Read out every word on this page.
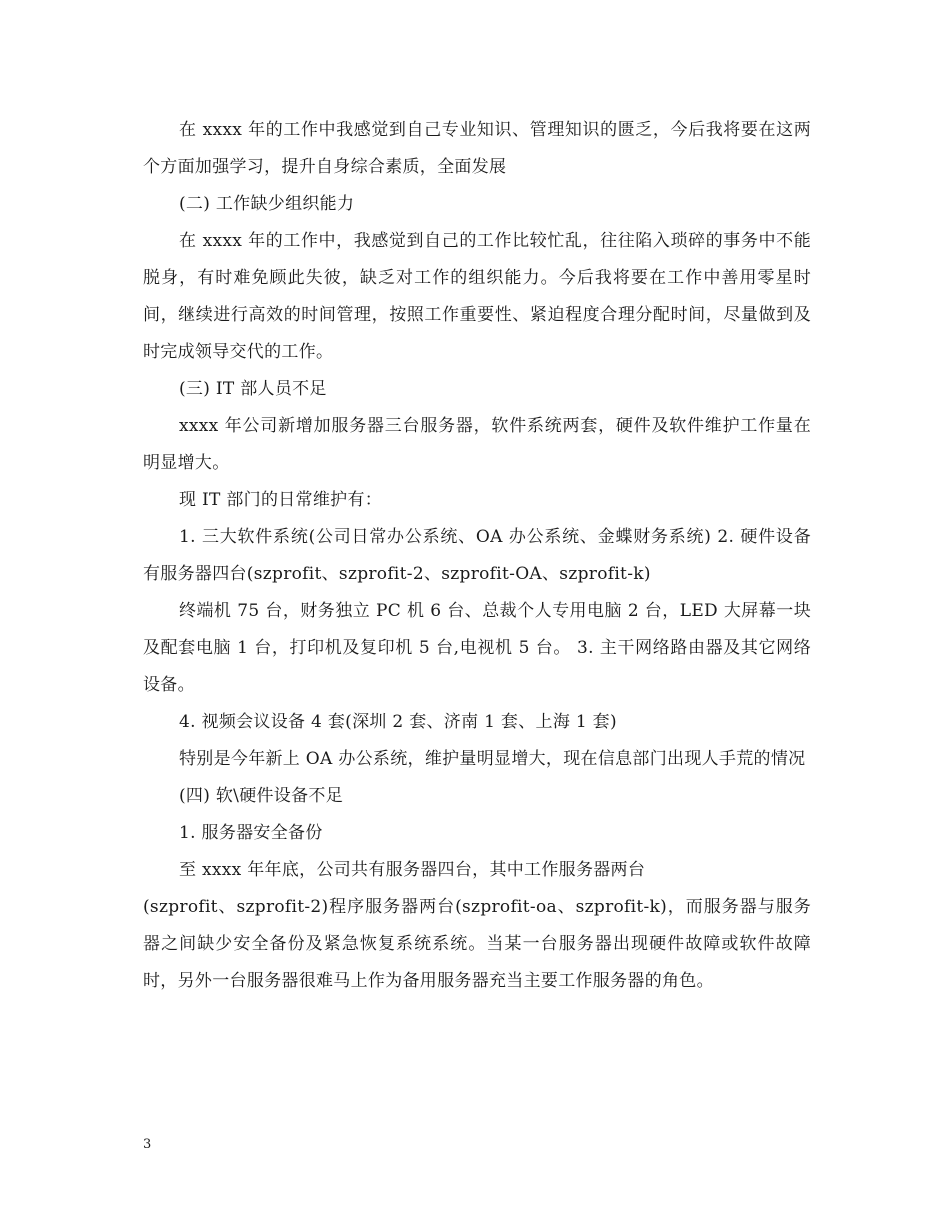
在 xxxx 年的工作中我感觉到自己专业知识、管理知识的匮乏，今后我将要在这两个方面加强学习，提升自身综合素质，全面发展

(二) 工作缺少组织能力

在 xxxx 年的工作中，我感觉到自己的工作比较忙乱，往往陷入琐碎的事务中不能脱身，有时难免顾此失彼，缺乏对工作的组织能力。今后我将要在工作中善用零星时间，继续进行高效的时间管理，按照工作重要性、紧迫程度合理分配时间，尽量做到及时完成领导交代的工作。

(三) IT 部人员不足

xxxx 年公司新增加服务器三台服务器，软件系统两套，硬件及软件维护工作量在明显增大。

现 IT 部门的日常维护有：

1. 三大软件系统(公司日常办公系统、OA 办公系统、金蝶财务系统) 2. 硬件设备有服务器四台(szprofit、szprofit-2、szprofit-OA、szprofit-k)

终端机 75 台，财务独立 PC 机 6 台、总裁个人专用电脑 2 台，LED 大屏幕一块及配套电脑 1 台，打印机及复印机 5 台,电视机 5 台。 3. 主干网络路由器及其它网络设备。

4. 视频会议设备 4 套(深圳 2 套、济南 1 套、上海 1 套)

特别是今年新上 OA 办公系统，维护量明显增大，现在信息部门出现人手荒的情况

(四) 软\硬件设备不足

1. 服务器安全备份

至 xxxx 年年底，公司共有服务器四台，其中工作服务器两台

(szprofit、szprofit-2)程序服务器两台(szprofit-oa、szprofit-k)，而服务器与服务器之间缺少安全备份及紧急恢复系统系统。当某一台服务器出现硬件故障或软件故障时，另外一台服务器很难马上作为备用服务器充当主要工作服务器的角色。

3
